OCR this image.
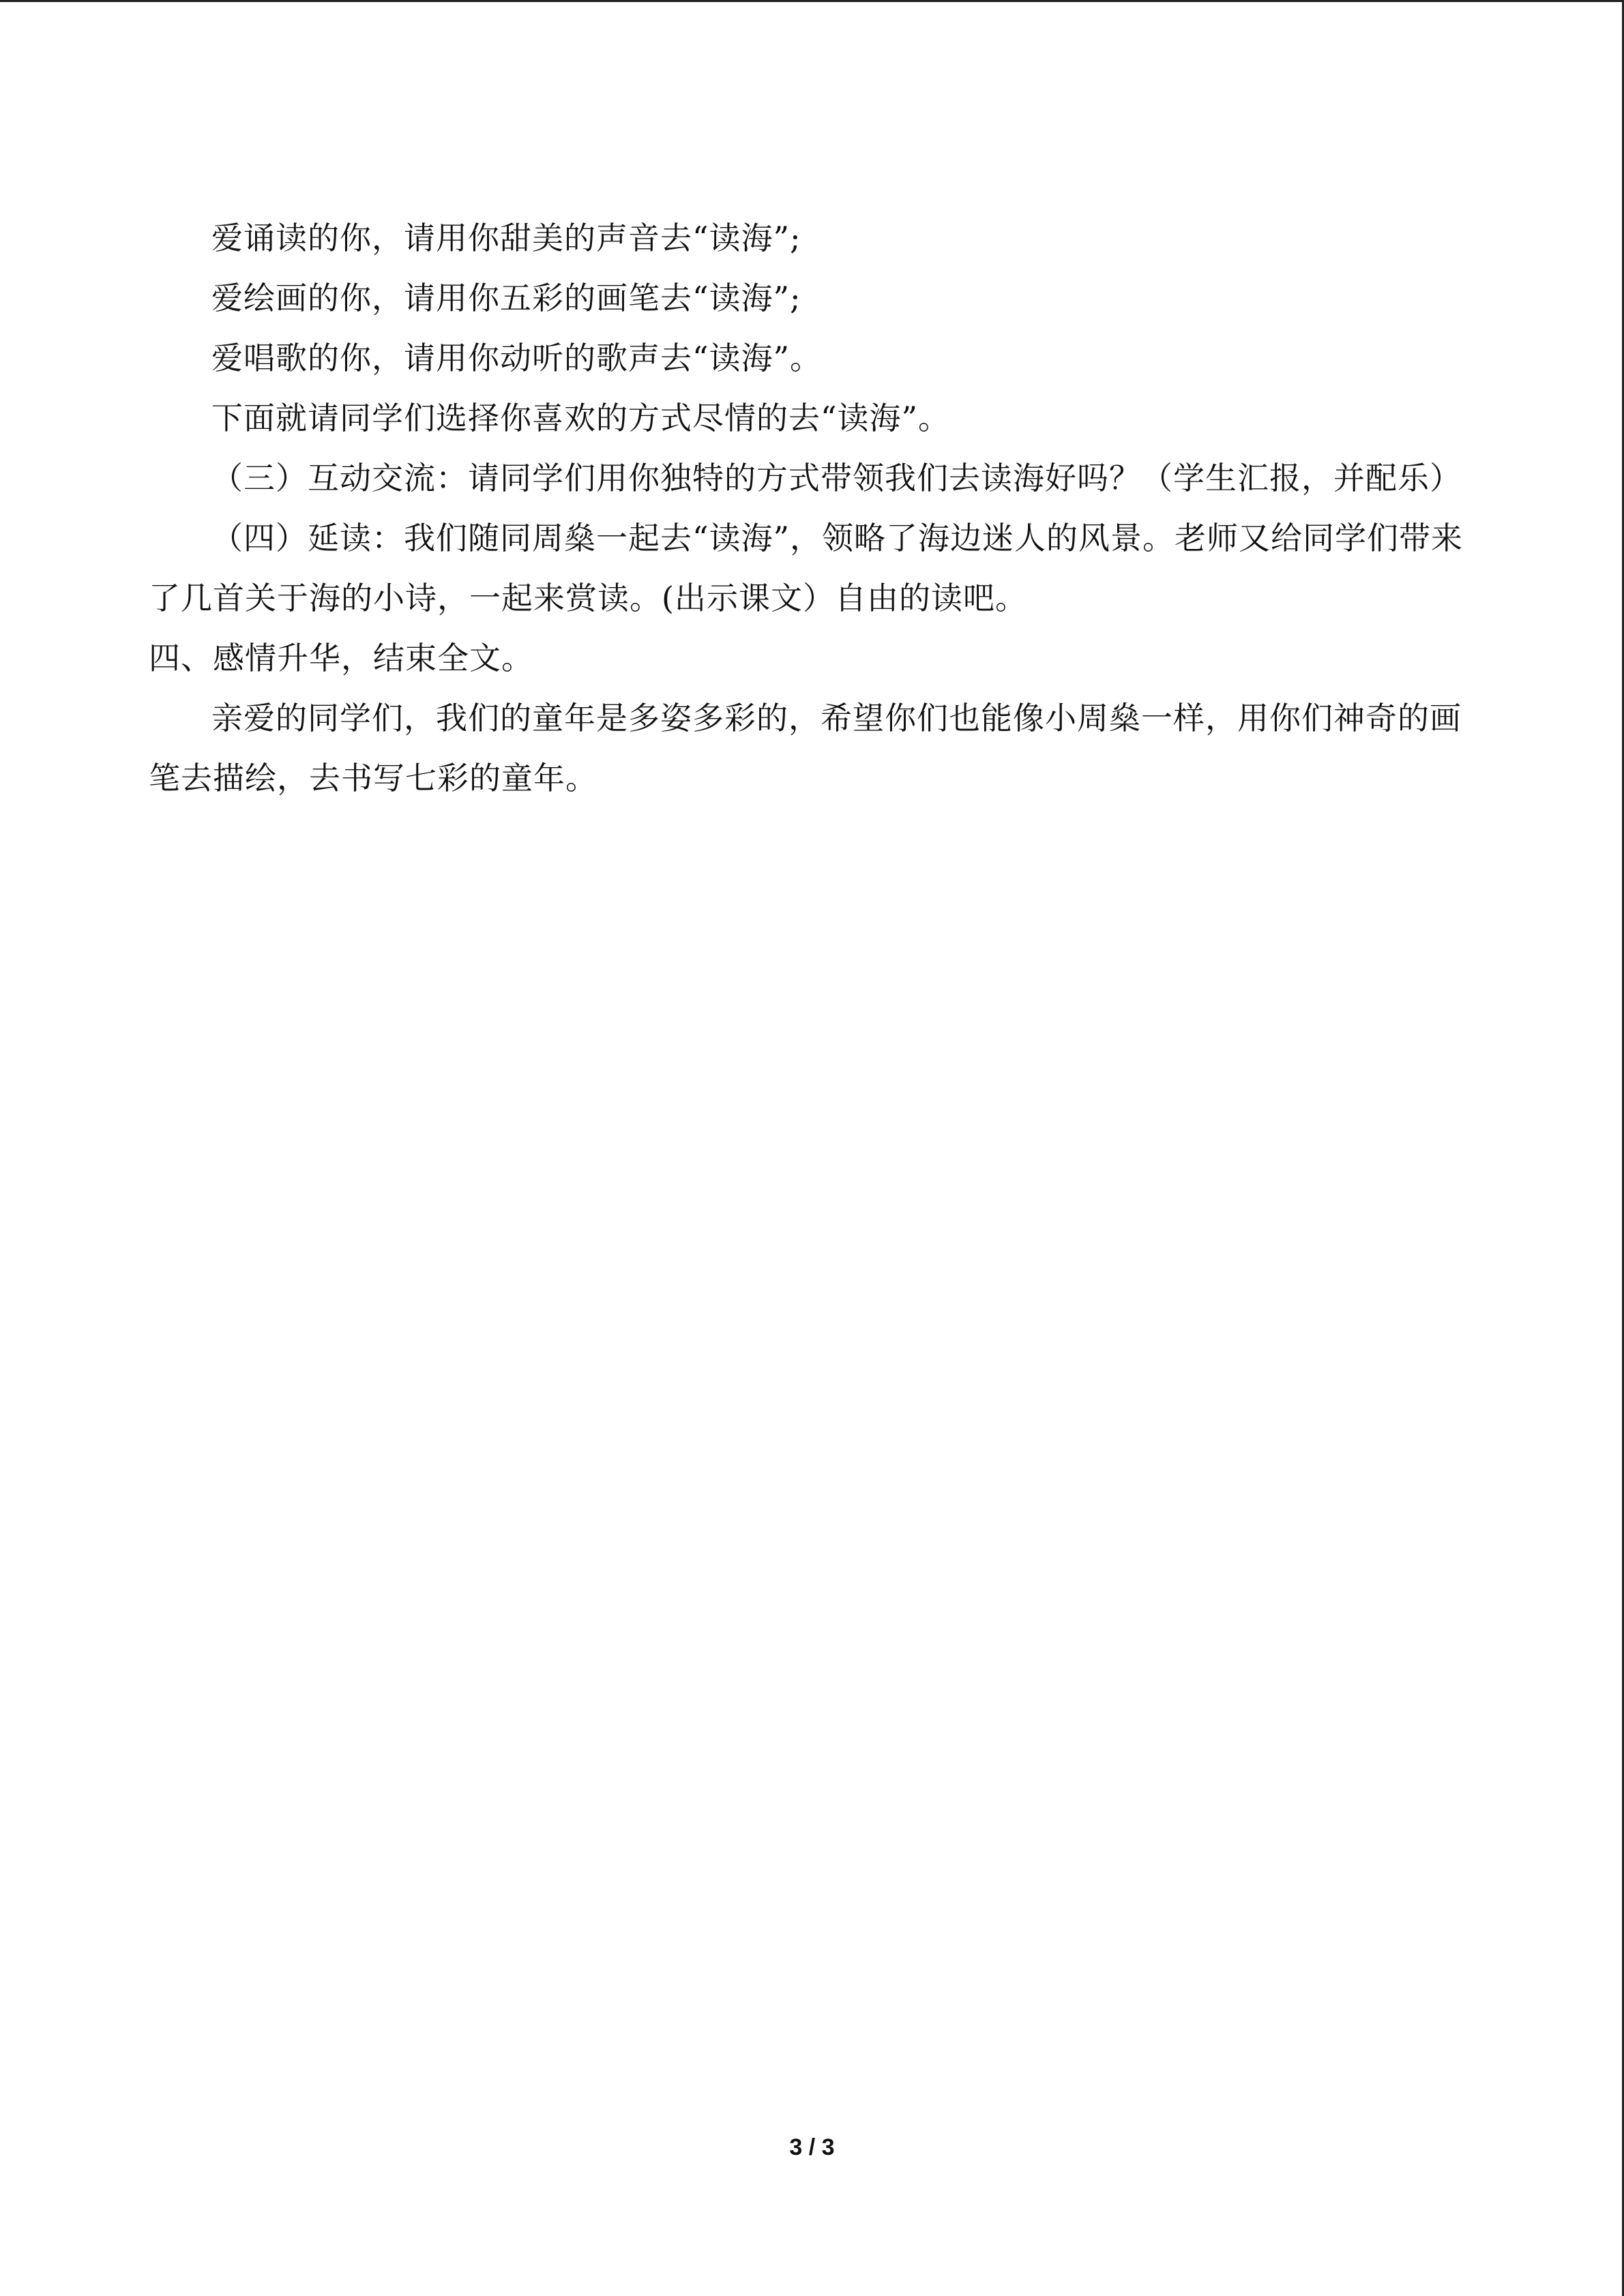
爱诵读的你，请用你甜美的声音去“读海”;

爱绘画的你，请用你五彩的画笔去“读海”;

爱唱歌的你，请用你动听的歌声去“读海”。

下面就请同学们选择你喜欢的方式尽情的去“读海”。

（三）互动交流：请同学们用你独特的方式带领我们去读海好吗？（学生汇报，并配乐）

（四）延读：我们随同周燊一起去“读海”，领略了海边迷人的风景。老师又给同学们带来了几首关于海的小诗，一起来赏读。(出示课文）自由的读吧。

四、感情升华，结束全文。

亲爱的同学们，我们的童年是多姿多彩的，希望你们也能像小周燊一样，用你们神奇的画笔去描绘，去书写七彩的童年。

3 / 3
